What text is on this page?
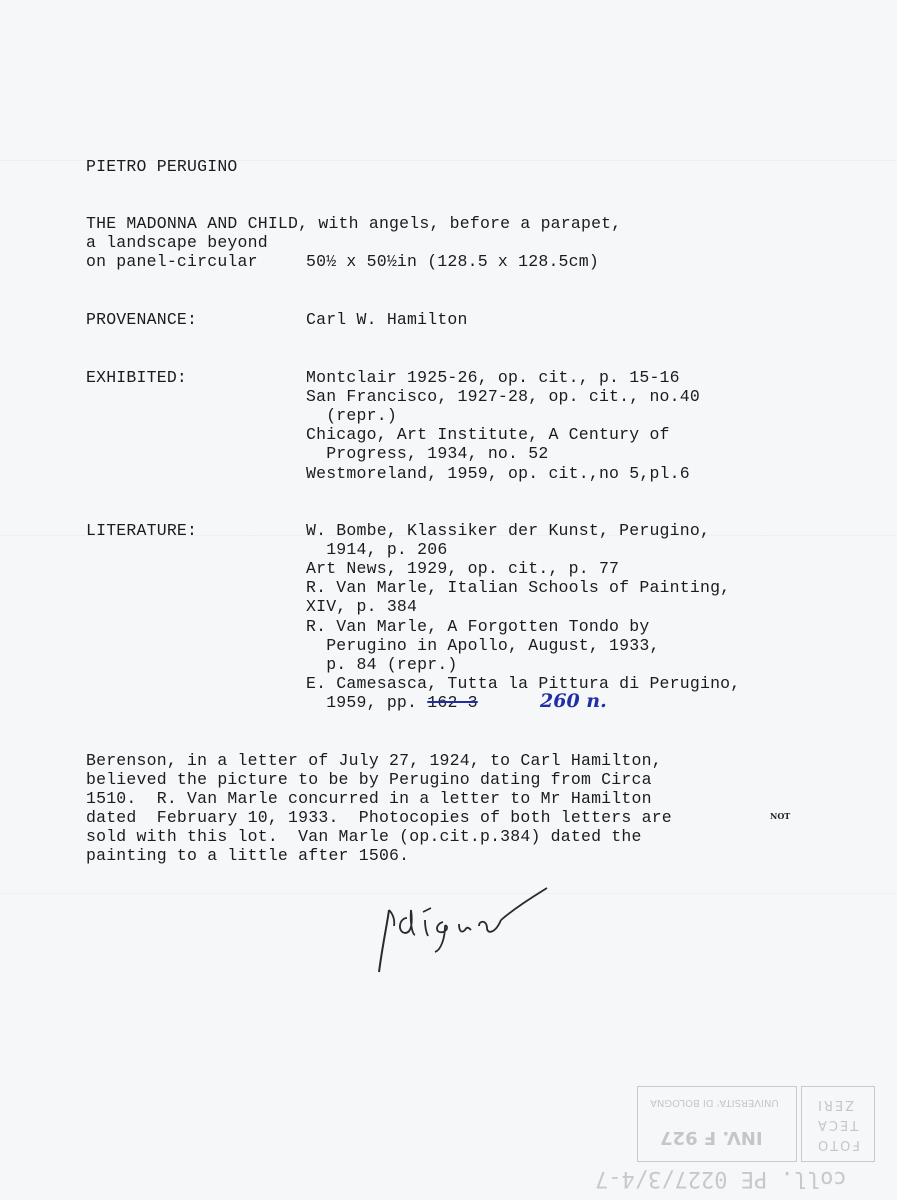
PIETRO PERUGINO
THE MADONNA AND CHILD, with angels, before a parapet,
a landscape beyond
on panel-circular	50½ x 50½in (128.5 x 128.5cm)
PROVENANCE:	Carl W. Hamilton
EXHIBITED:	Montclair 1925-26, op. cit., p. 15-16
San Francisco, 1927-28, op. cit., no.40
(repr.)
Chicago, Art Institute, A Century of
Progress, 1934, no. 52
Westmoreland, 1959, op. cit.,no 5,pl.6
LITERATURE:	W. Bombe, Klassiker der Kunst, Perugino,
1914, p. 206
Art News, 1929, op. cit., p. 77
R. Van Marle, Italian Schools of Painting,
XIV, p. 384
R. Van Marle, A Forgotten Tondo by
Perugino in Apollo, August, 1933,
p. 84 (repr.)
E. Camesasca, Tutta la Pittura di Perugino,
1959, pp. 162-3	260 n.
Berenson, in a letter of July 27, 1924, to Carl Hamilton,
believed the picture to be by Perugino dating from Circa
1510.  R. Van Marle concurred in a letter to Mr Hamilton
dated  February 10, 1933.  Photocopies of both letters are	NOT
sold with this lot.  Van Marle (op.cit.p.384) dated the
painting to a little after 1506.
UNIVERSITA' DI BOLOGNA
INV. F 927	FOTO
TECA
ZERI
coll. PE 0227/3/4-7
